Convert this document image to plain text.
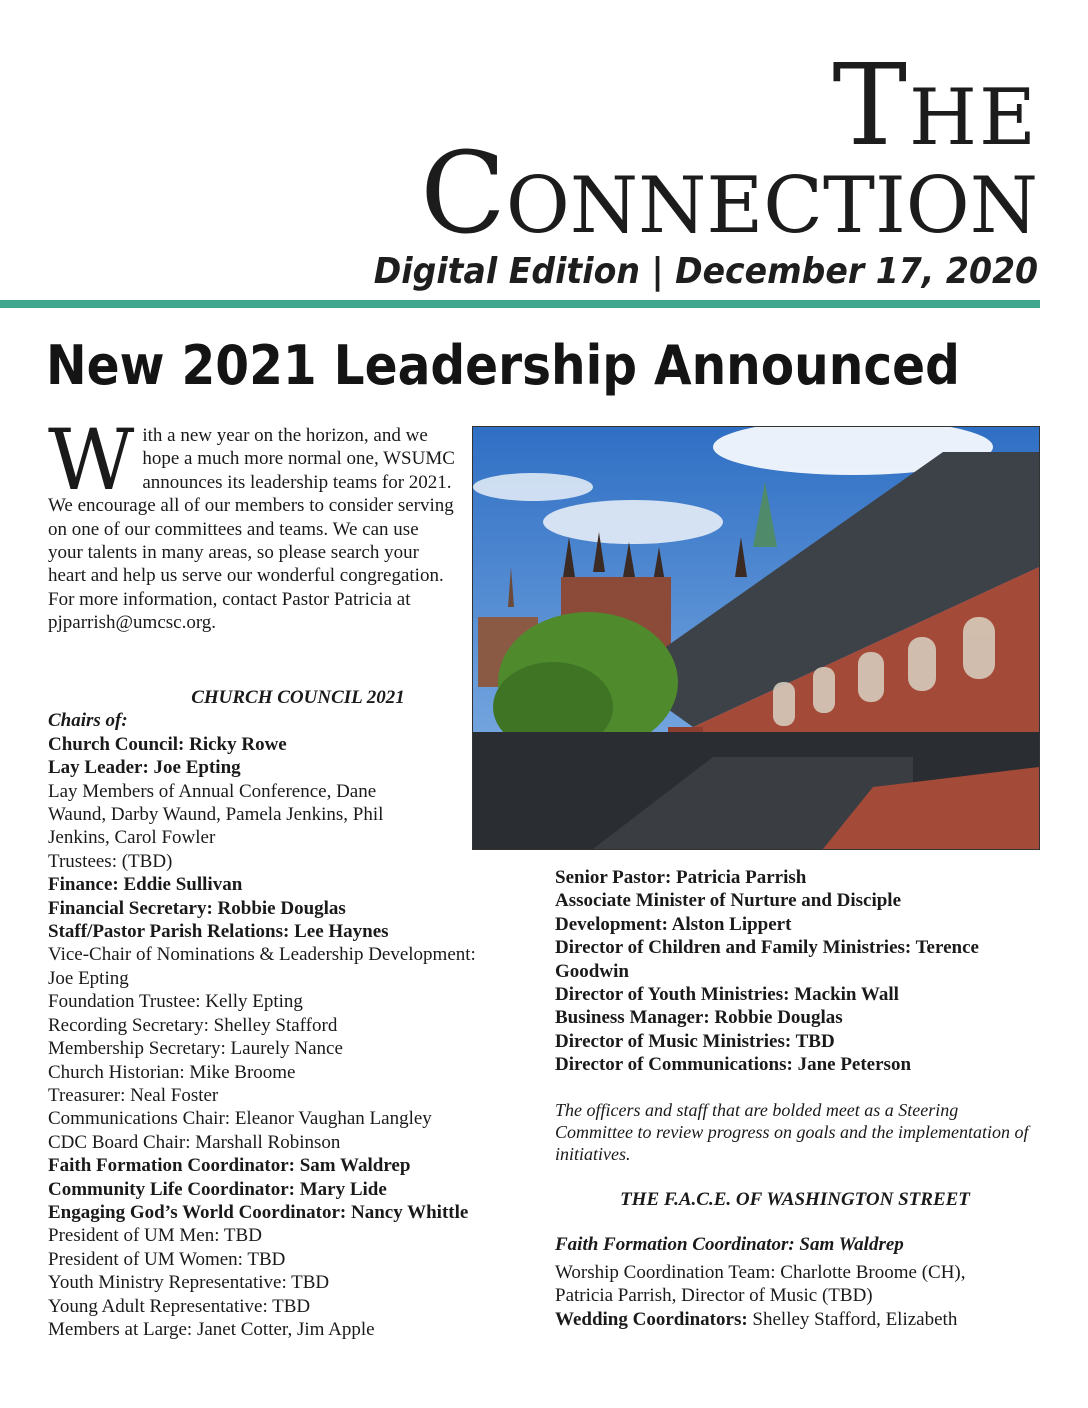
THE
CONNECTION
Digital Edition | December 17, 2020
New 2021 Leadership Announced
With a new year on the horizon, and we hope a much more normal one, WSUMC announces its leadership teams for 2021. We encourage all of our members to consider serving on one of our committees and teams. We can use your talents in many areas, so please search your heart and help us serve our wonderful congregation. For more information, contact Pastor Patricia at pjparrish@umcsc.org.
CHURCH COUNCIL 2021
Chairs of:
Church Council: Ricky Rowe
Lay Leader: Joe Epting
Lay Members of Annual Conference, Dane
Waund, Darby Waund, Pamela Jenkins, Phil
Jenkins, Carol Fowler
Trustees: (TBD)
Finance: Eddie Sullivan
Financial Secretary: Robbie Douglas
Staff/Pastor Parish Relations: Lee Haynes
Vice-Chair of Nominations & Leadership Development:
Joe Epting
Foundation Trustee: Kelly Epting
Recording Secretary: Shelley Stafford
Membership Secretary: Laurely Nance
Church Historian: Mike Broome
Treasurer: Neal Foster
Communications Chair: Eleanor Vaughan Langley
CDC Board Chair: Marshall Robinson
Faith Formation Coordinator: Sam Waldrep
Community Life Coordinator: Mary Lide
Engaging God’s World Coordinator: Nancy Whittle
President of UM Men: TBD
President of UM Women: TBD
Youth Ministry Representative: TBD
Young Adult Representative: TBD
Members at Large: Janet Cotter, Jim Apple
Senior Pastor: Patricia Parrish
Associate Minister of Nurture and Disciple
Development: Alston Lippert
Director of Children and Family Ministries: Terence
Goodwin
Director of Youth Ministries: Mackin Wall
Business Manager: Robbie Douglas
Director of Music Ministries: TBD
Director of Communications: Jane Peterson
The officers and staff that are bolded meet as a Steering Committee to review progress on goals and the implementation of initiatives.
THE F.A.C.E. OF WASHINGTON STREET
Faith Formation Coordinator: Sam Waldrep
Worship Coordination Team: Charlotte Broome (CH),
Patricia Parrish, Director of Music (TBD)
Wedding Coordinators: Shelley Stafford, Elizabeth
